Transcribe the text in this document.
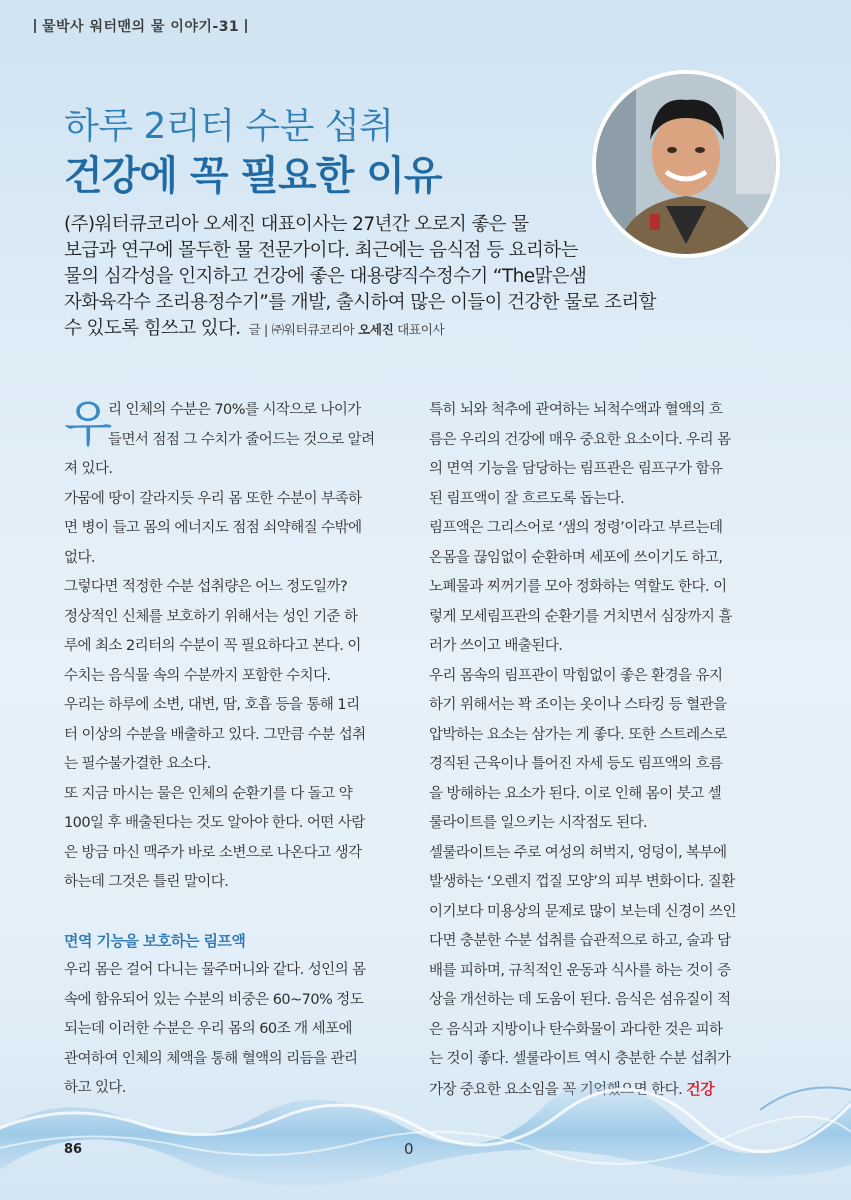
물박사 워터맨의 물 이야기-31
하루 2리터 수분 섭취
건강에 꼭 필요한 이유

(주)워터큐코리아 오세진 대표이사는 27년간 오로지 좋은 물

보급과 연구에 몰두한 물 전문가이다. 최근에는 음식점 등 요리하는

물의 심각성을 인지하고 건강에 좋은 대용량직수정수기 “The맑은샘

자화육각수 조리용정수기”를 개발, 출시하여 많은 이들이 건강한 물로 조리할

수 있도록 힘쓰고 있다. 글 | ㈜워터큐코리아 오세진 대표이사

우
리 인체의 수분은 70%를 시작으로 나이가
들면서 점점 그 수치가 줄어드는 것으로 알려
져 있다.
가뭄에 땅이 갈라지듯 우리 몸 또한 수분이 부족하
면 병이 들고 몸의 에너지도 점점 쇠약해질 수밖에
없다.
그렇다면 적정한 수분 섭취량은 어느 정도일까?
정상적인 신체를 보호하기 위해서는 성인 기준 하
루에 최소 2리터의 수분이 꼭 필요하다고 본다. 이
수치는 음식물 속의 수분까지 포함한 수치다.
우리는 하루에 소변, 대변, 땀, 호흡 등을 통해 1리
터 이상의 수분을 배출하고 있다. 그만큼 수분 섭취
는 필수불가결한 요소다.
또 지금 마시는 물은 인체의 순환기를 다 돌고 약
100일 후 배출된다는 것도 알아야 한다. 어떤 사람
은 방금 마신 맥주가 바로 소변으로 나온다고 생각
하는데 그것은 틀린 말이다.
면역 기능을 보호하는 림프액
우리 몸은 걸어 다니는 물주머니와 같다. 성인의 몸
속에 함유되어 있는 수분의 비중은 60~70% 정도
되는데 이러한 수분은 우리 몸의 60조 개 세포에
관여하여 인체의 체액을 통해 혈액의 리듬을 관리
하고 있다.
특히 뇌와 척추에 관여하는 뇌척수액과 혈액의 흐
름은 우리의 건강에 매우 중요한 요소이다. 우리 몸
의 면역 기능을 담당하는 림프관은 림프구가 함유
된 림프액이 잘 흐르도록 돕는다.
림프액은 그리스어로 ‘샘의 정령’이라고 부르는데
온몸을 끊임없이 순환하며 세포에 쓰이기도 하고,
노폐물과 찌꺼기를 모아 정화하는 역할도 한다. 이
렇게 모세림프관의 순환기를 거치면서 심장까지 흘
러가 쓰이고 배출된다.
우리 몸속의 림프관이 막힘없이 좋은 환경을 유지
하기 위해서는 꽉 조이는 옷이나 스타킹 등 혈관을
압박하는 요소는 삼가는 게 좋다. 또한 스트레스로
경직된 근육이나 틀어진 자세 등도 림프액의 흐름
을 방해하는 요소가 된다. 이로 인해 몸이 붓고 셀
룰라이트를 일으키는 시작점도 된다.
셀룰라이트는 주로 여성의 허벅지, 엉덩이, 복부에
발생하는 ‘오렌지 껍질 모양’의 피부 변화이다. 질환
이기보다 미용상의 문제로 많이 보는데 신경이 쓰인
다면 충분한 수분 섭취를 습관적으로 하고, 술과 담
배를 피하며, 규칙적인 운동과 식사를 하는 것이 증
상을 개선하는 데 도움이 된다. 음식은 섬유질이 적
은 음식과 지방이나 탄수화물이 과다한 것은 피하
는 것이 좋다. 셀룰라이트 역시 충분한 수분 섭취가
가장 중요한 요소임을 꼭 기억했으면 한다. 건강
86	0
